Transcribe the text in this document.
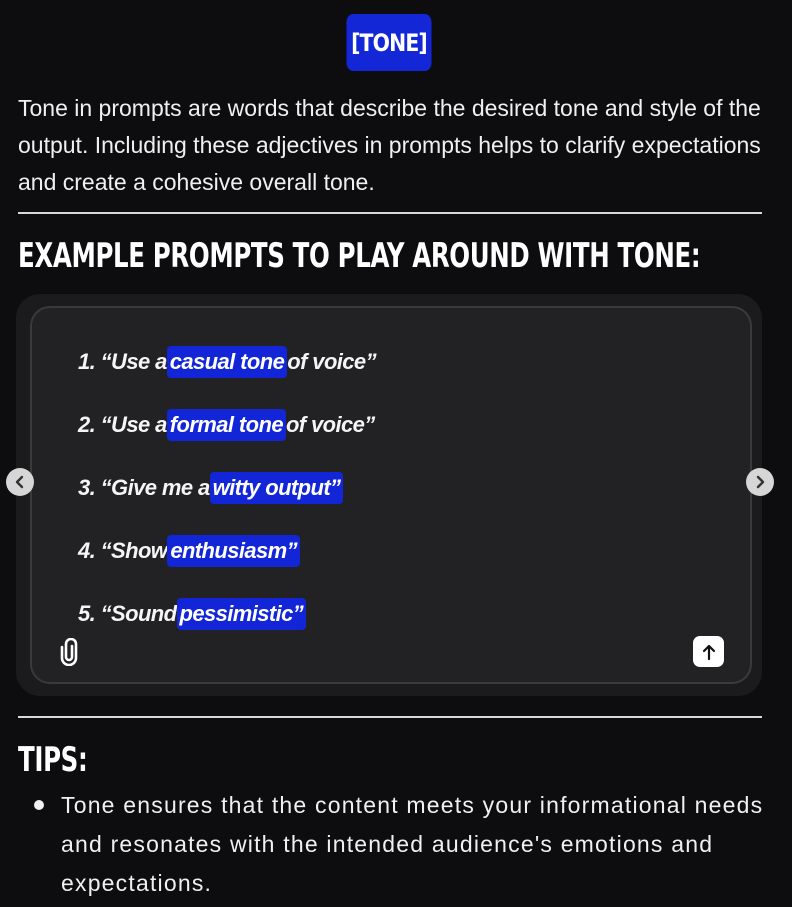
[TONE]
Tone in prompts are words that describe the desired tone and style of the output. Including these adjectives in prompts helps to clarify expectations and create a cohesive overall tone.
EXAMPLE PROMPTS TO PLAY AROUND WITH TONE:
1. “Use a casual tone of voice”
2. “Use a formal tone of voice”
3. “Give me a witty output”
4. “Show enthusiasm”
5. “Sound pessimistic”
TIPS:
Tone ensures that the content meets your informational needs and resonates with the intended audience's emotions and expectations.
